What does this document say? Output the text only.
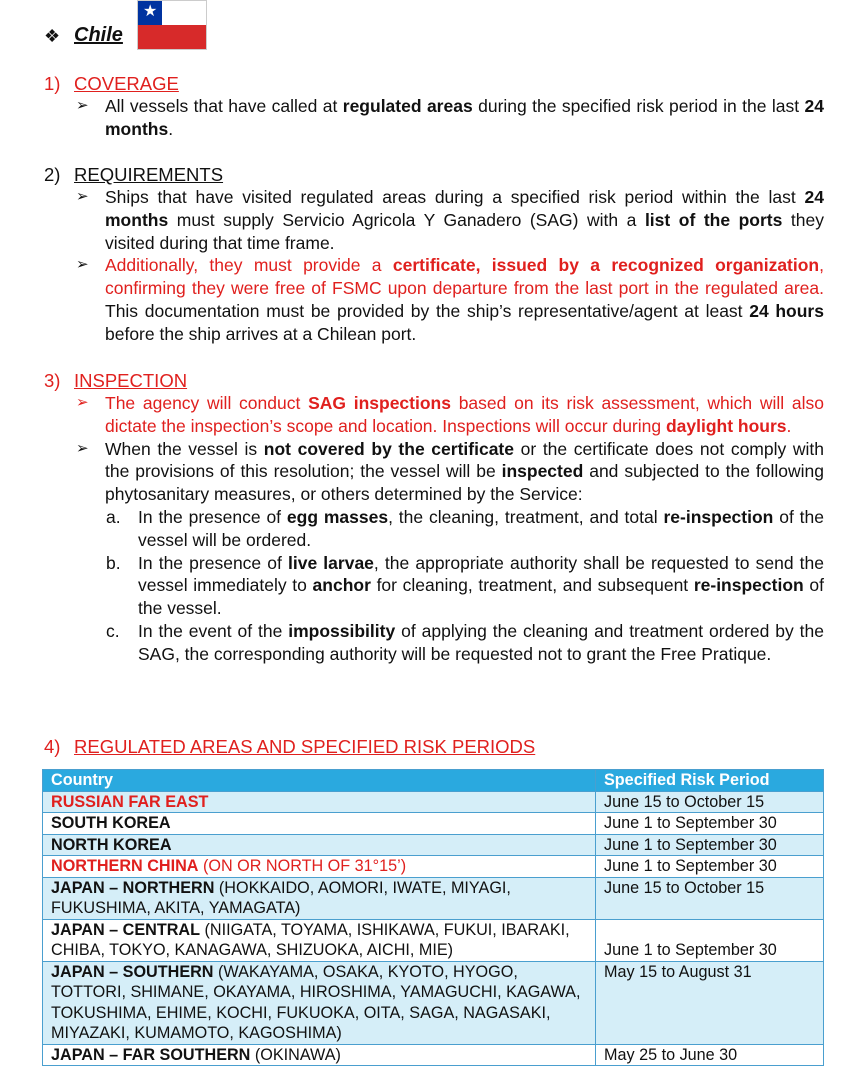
❖ Chile
★
1) COVERAGE
➢ All vessels that have called at regulated areas during the specified risk period in the last 24 months.
2) REQUIREMENTS
➢ Ships that have visited regulated areas during a specified risk period within the last 24 months must supply Servicio Agricola Y Ganadero (SAG) with a list of the ports they visited during that time frame.
➢ Additionally, they must provide a certificate, issued by a recognized organization, confirming they were free of FSMC upon departure from the last port in the regulated area. This documentation must be provided by the ship’s representative/agent at least 24 hours before the ship arrives at a Chilean port.
3) INSPECTION
➢ The agency will conduct SAG inspections based on its risk assessment, which will also dictate the inspection’s scope and location. Inspections will occur during daylight hours.
➢ When the vessel is not covered by the certificate or the certificate does not comply with the provisions of this resolution; the vessel will be inspected and subjected to the following phytosanitary measures, or others determined by the Service:
a. In the presence of egg masses, the cleaning, treatment, and total re-inspection of the vessel will be ordered.
b. In the presence of live larvae, the appropriate authority shall be requested to send the vessel immediately to anchor for cleaning, treatment, and subsequent re-inspection of the vessel.
c. In the event of the impossibility of applying the cleaning and treatment ordered by the SAG, the corresponding authority will be requested not to grant the Free Pratique.
4) REGULATED AREAS AND SPECIFIED RISK PERIODS
Country	Specified Risk Period
RUSSIAN FAR EAST	June 15 to October 15
SOUTH KOREA	June 1 to September 30
NORTH KOREA	June 1 to September 30
NORTHERN CHINA (ON OR NORTH OF 31°15’)	June 1 to September 30
JAPAN – NORTHERN (HOKKAIDO, AOMORI, IWATE, MIYAGI, FUKUSHIMA, AKITA, YAMAGATA)	June 15 to October 15
JAPAN – CENTRAL (NIIGATA, TOYAMA, ISHIKAWA, FUKUI, IBARAKI, CHIBA, TOKYO, KANAGAWA, SHIZUOKA, AICHI, MIE)	June 1 to September 30

JAPAN – SOUTHERN (WAKAYAMA, OSAKA, KYOTO, HYOGO, TOTTORI, SHIMANE, OKAYAMA, HIROSHIMA, YAMAGUCHI, KAGAWA, TOKUSHIMA, EHIME, KOCHI, FUKUOKA, OITA, SAGA, NAGASAKI, MIYAZAKI, KUMAMOTO, KAGOSHIMA)	May 15 to August 31
JAPAN – FAR SOUTHERN (OKINAWA)	May 25 to June 30
